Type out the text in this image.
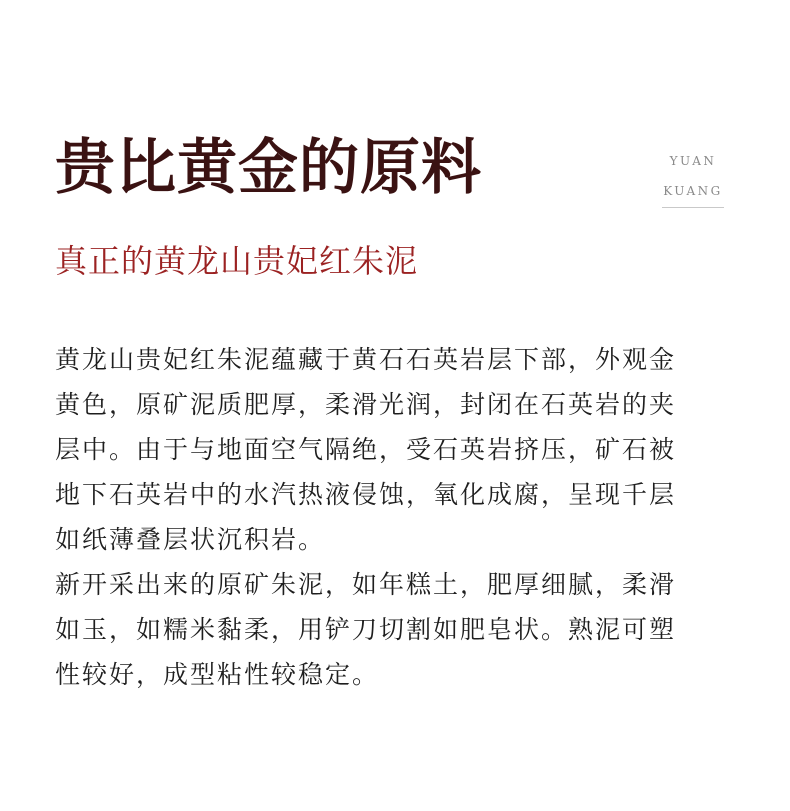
贵比黄金的原料	YUAN
KUANG
真正的黄龙山贵妃红朱泥
黄龙山贵妃红朱泥蕴藏于黄石石英岩层下部，外观金
黄色，原矿泥质肥厚，柔滑光润，封闭在石英岩的夹
层中。由于与地面空气隔绝，受石英岩挤压，矿石被
地下石英岩中的水汽热液侵蚀，氧化成腐，呈现千层
如纸薄叠层状沉积岩。
新开采出来的原矿朱泥，如年糕土，肥厚细腻，柔滑
如玉，如糯米黏柔，用铲刀切割如肥皂状。熟泥可塑
性较好，成型粘性较稳定。
